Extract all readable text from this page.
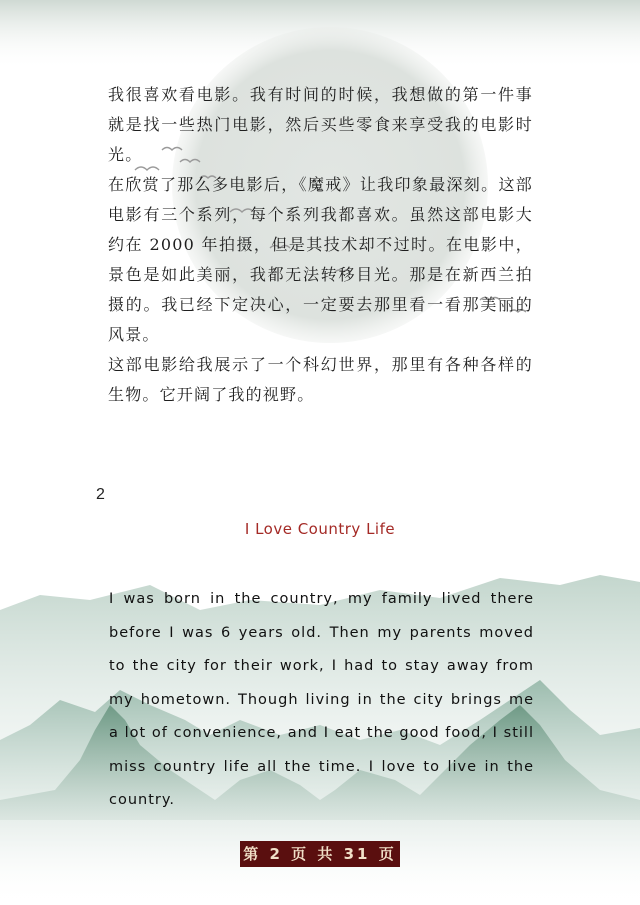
我很喜欢看电影。我有时间的时候，我想做的第一件事就是找一些热门电影，然后买些零食来享受我的电影时光。

在欣赏了那么多电影后，《魔戒》让我印象最深刻。这部电影有三个系列，每个系列我都喜欢。虽然这部电影大约在 2000 年拍摄，但是其技术却不过时。在电影中，景色是如此美丽，我都无法转移目光。那是在新西兰拍摄的。我已经下定决心，一定要去那里看一看那美丽的风景。

这部电影给我展示了一个科幻世界，那里有各种各样的生物。它开阔了我的视野。

2
I Love Country Life

I was born in the country, my family lived there before I was 6 years old. Then my parents moved to the city for their work, I had to stay away from my hometown. Though living in the city brings me a lot of convenience, and I eat the good food, I still miss country life all the time. I love to live in the country.

第 2 页 共 31 页
